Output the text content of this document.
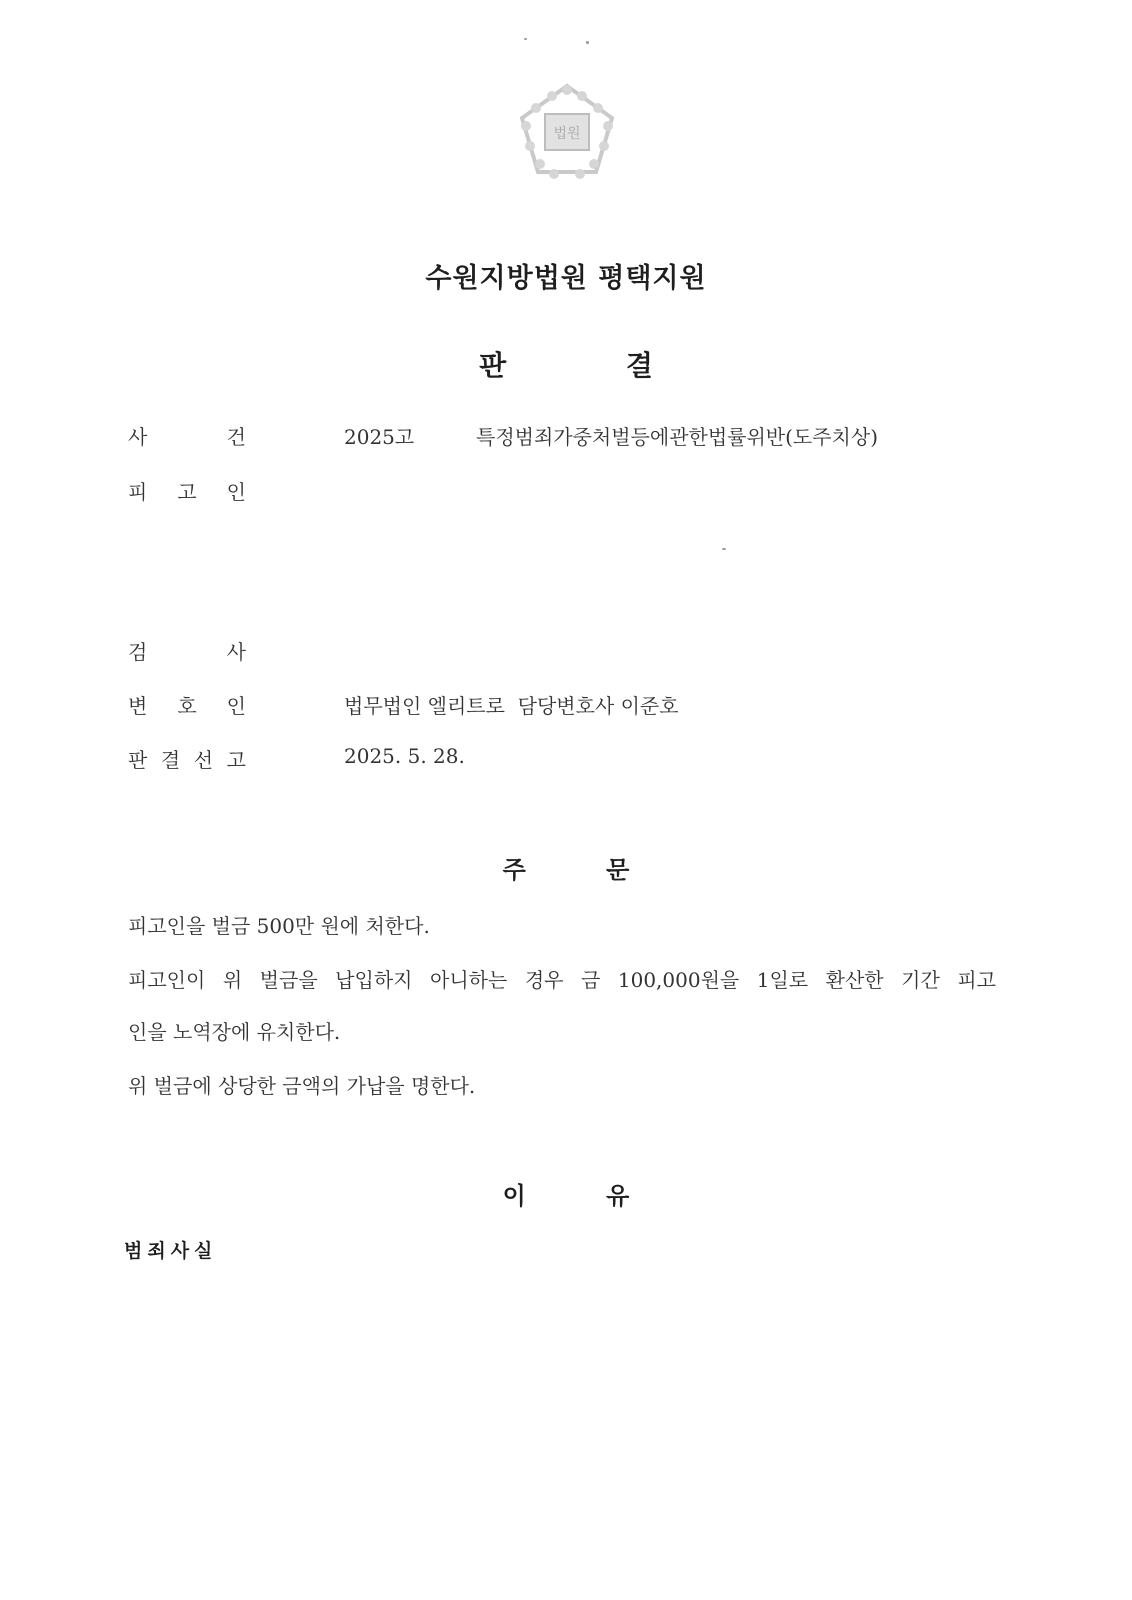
법원
수원지방법원 평택지원
판 결
사	건	2025고	특정범죄가중처벌등에관한법률위반(도주치상)
피 고 인
검	사
변 호 인	법무법인 엘리트로  담당변호사 이준호
판 결 선 고	2025. 5. 28.
주 문
피고인을 벌금 500만 원에 처한다.
피고인이 위 벌금을 납입하지 아니하는 경우 금 100,000원을 1일로 환산한 기간 피고
인을 노역장에 유치한다.
위 벌금에 상당한 금액의 가납을 명한다.
이 유
범죄사실
